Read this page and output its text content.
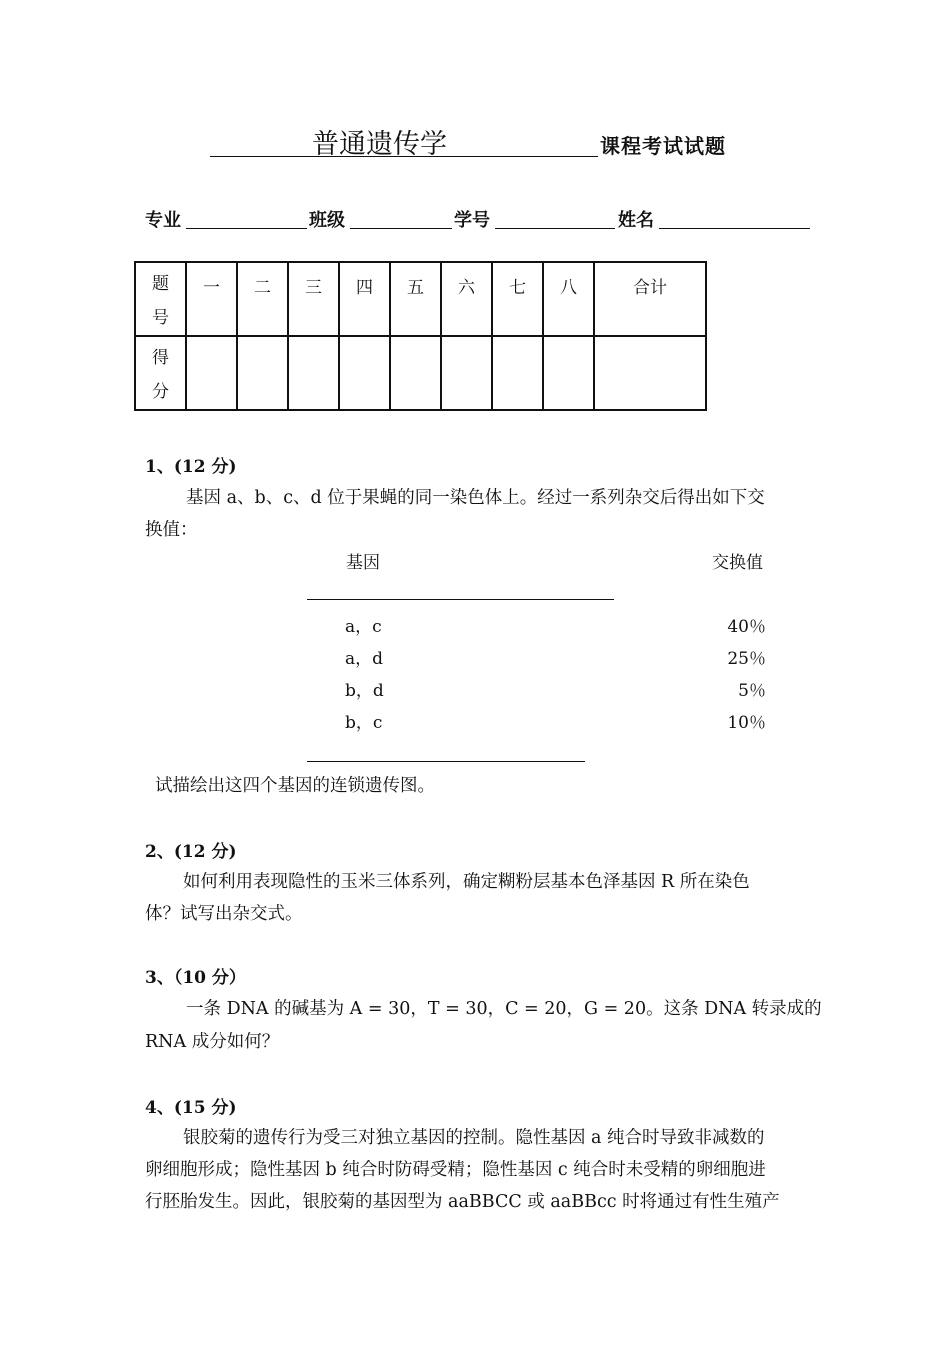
普通遗传学	课程考试试题
专业	班级	学号	姓名
题
号	一	二	三	四	五	六	七	八	合计

得
分									

1、(12 分)
基因 a、b、c、d 位于果蝇的同一染色体上。经过一系列杂交后得出如下交
换值：
基因	交换值
a，c	40％
a，d	25％
b，d	5％
b，c	10％
试描绘出这四个基因的连锁遗传图。
2、(12 分)
如何利用表现隐性的玉米三体系列，确定糊粉层基本色泽基因 R 所在染色
体？试写出杂交式。
3、（10 分）
一条 DNA 的碱基为 A = 30，T = 30，C = 20，G = 20。这条 DNA 转录成的
RNA 成分如何？
4、(15 分)
银胶菊的遗传行为受三对独立基因的控制。隐性基因 a 纯合时导致非减数的
卵细胞形成；隐性基因 b 纯合时防碍受精；隐性基因 c 纯合时未受精的卵细胞进
行胚胎发生。因此，银胶菊的基因型为 aaBBCC 或 aaBBcc 时将通过有性生殖产
